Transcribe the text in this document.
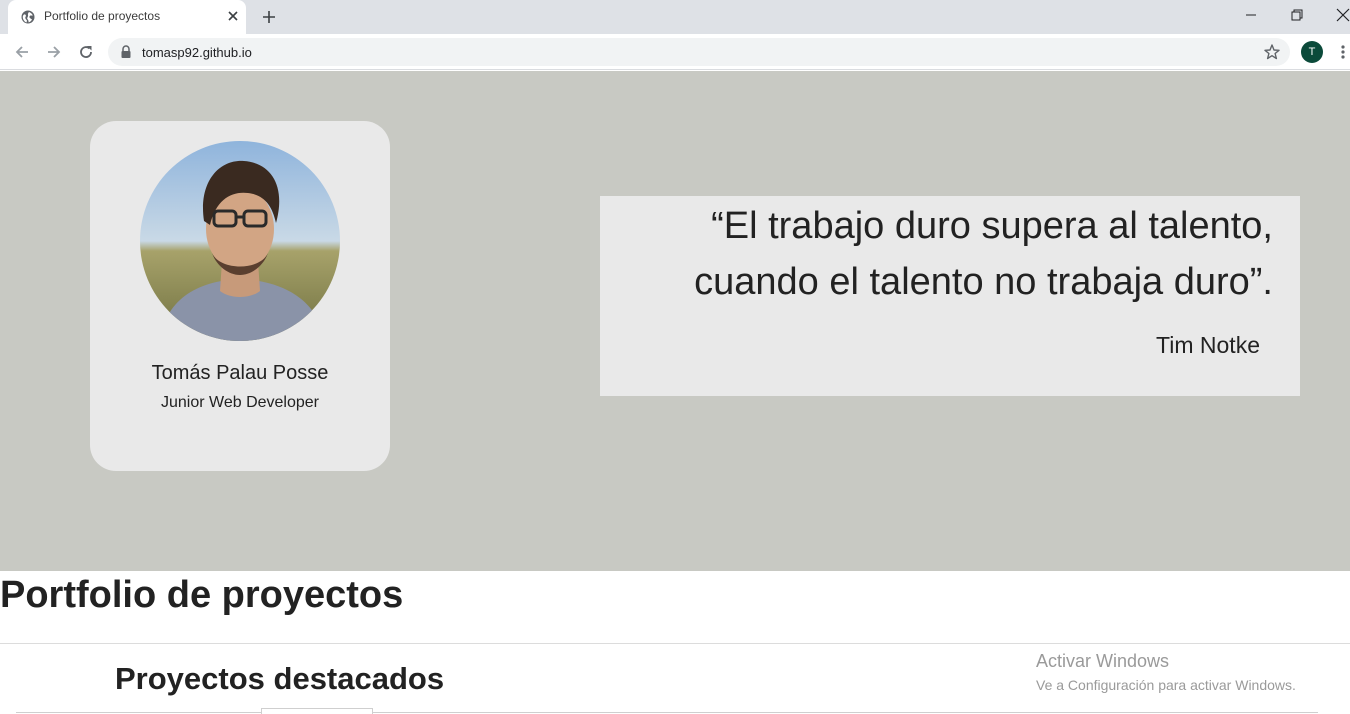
Portfolio de proyectos
tomasp92.github.io	T
Tomás Palau Posse
Junior Web Developer
“El trabajo duro supera al talento,
cuando el talento no trabaja duro”.
Tim Notke
Portfolio de proyectos
Proyectos destacados	Activar Windows
Ve a Configuración para activar Windows.
